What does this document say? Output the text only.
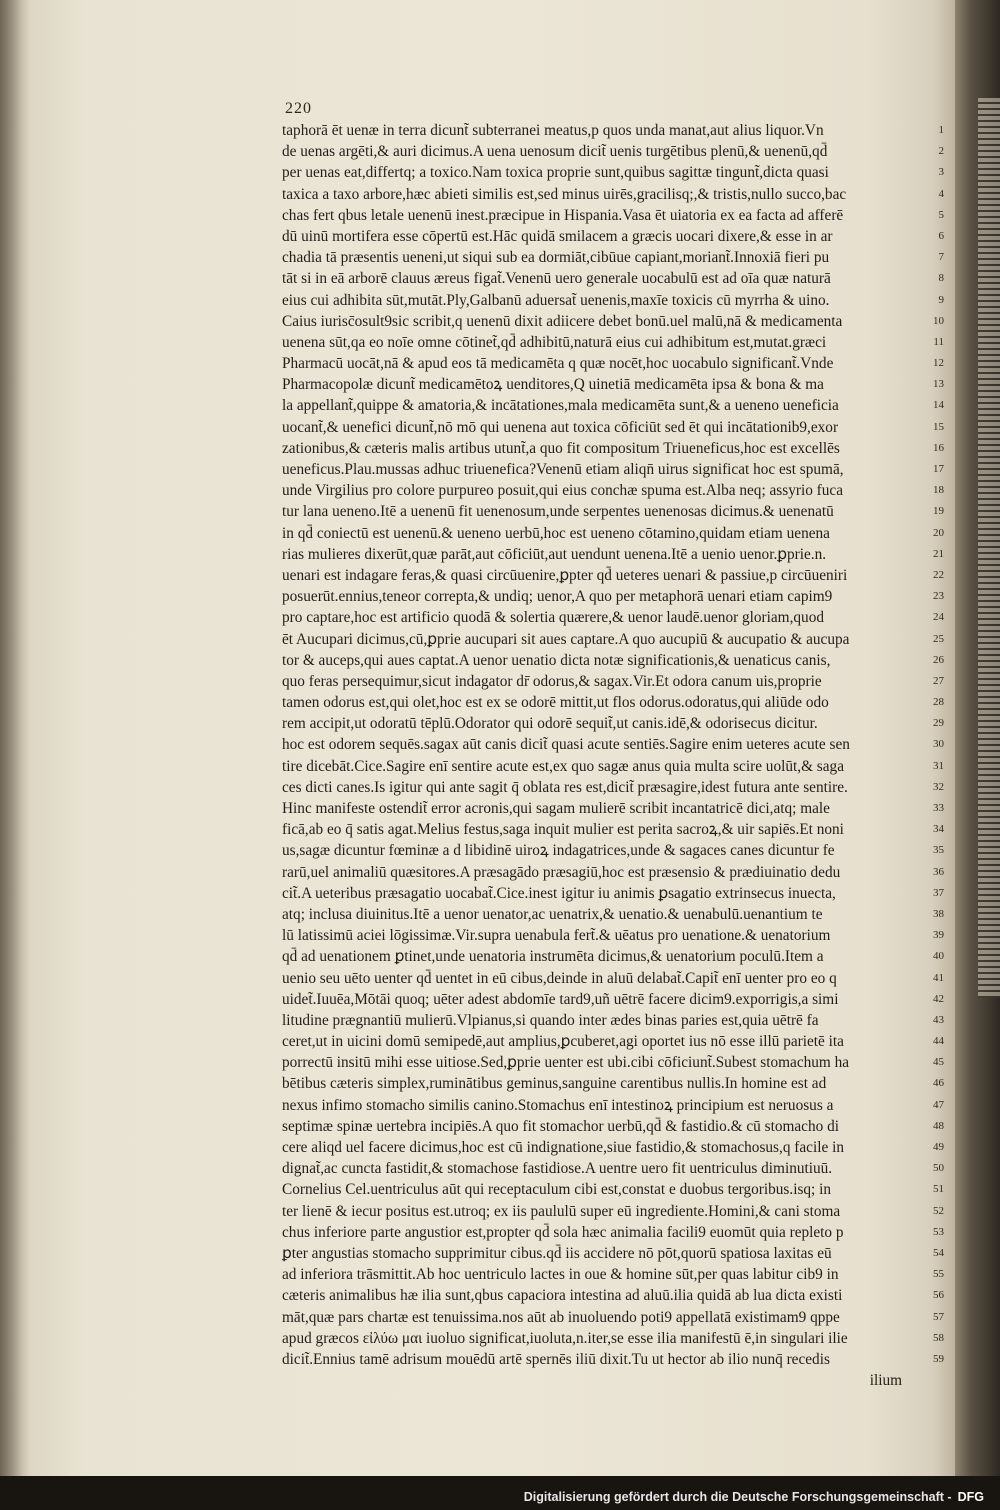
220
taphorā ēt uenæ in terra dicunt̃ subterranei meatus,p quos unda manat,aut alius liquor.Vn	1
de uenas argēti,& auri dicimus.A uena uenosum dicit̃ uenis turgētibus plenū,& uenenū,qd̄	2
per uenas eat,differtq; a toxico.Nam toxica proprie sunt,quibus sagittæ tingunt̃,dicta quasi	3
taxica a taxo arbore,hæc abieti similis est,sed minus uirēs,gracilisq;,& tristis,nullo succo,bac	4
chas fert qbus letale uenenū inest.præcipue in Hispania.Vasa ēt uiatoria ex ea facta ad afferē	5
dū uinū mortifera esse cōpertū est.Hāc quidā smilacem a græcis uocari dixere,& esse in ar	6
chadia tā præsentis ueneni,ut siqui sub ea dormiāt,cibūue capiant,moriant̃.Innoxiā fieri pu	7
tāt si in eā arborē clauus æreus figat̃.Venenū uero generale uocabulū est ad oīa quæ naturā	8
eius cui adhibita sūt,mutāt.Ply,Galbanū aduersat̃ uenenis,maxīe toxicis cū myrrha & uino.	9
Caius iurisc̄osult9sic scribit,q uenenū dixit adiicere debet bonū.uel malū,nā & medicamenta	10
uenena sūt,qa eo noīe omne cōtinet̃,qd̄ adhibitū,naturā eius cui adhibitum est,mutat.græci	11
Pharmacū uocāt,nā & apud eos tā medicamēta q quæ nocēt,hoc uocabulo significant̃.Vnde	12
Pharmacopolæ dicunt̃ medicamētoꝝ uenditores,Q uinetiā medicamēta ipsa & bona & ma	13
la appellant̃,quippe & amatoria,& incātationes,mala medicamēta sunt,& a ueneno ueneficia	14
uocant̃,& uenefici dicunt̃,nō mō qui uenena aut toxica cōficiūt sed ēt qui incātationib9,exor	15
zationibus,& cæteris malis artibus utunt̃,a quo fit compositum Triueneficus,hoc est excellēs	16
ueneficus.Plau.mussas adhuc triuenefica?Venenū etiam aliqn̄ uirus significat hoc est spumā,	17
unde Virgilius pro colore purpureo posuit,qui eius conchæ spuma est.Alba neq; assyrio fuca	18
tur lana ueneno.Itē a uenenū fit uenenosum,unde serpentes uenenosas dicimus.& uenenatū	19
in qd̄ coniectū est uenenū.& ueneno uerbū,hoc est ueneno cōtamino,quidam etiam uenena	20
rias mulieres dixerūt,quæ parāt,aut cōficiūt,aut uendunt uenena.Itē a uenio uenor.ꝑprie.n.	21
uenari est indagare feras,& quasi circūuenire,ꝑpter qd̄ ueteres uenari & passiue,p circūueniri	22
posuerūt.ennius,teneor correpta,& undiq; uenor,A quo per metaphorā uenari etiam capim9	23
pro captare,hoc est artificio quodā & solertia quærere,& uenor laudē.uenor gloriam,quod	24
ēt Aucupari dicimus,cū,ꝑprie aucupari sit aues captare.A quo aucupiū & aucupatio & aucupa	25
tor & auceps,qui aues captat.A uenor uenatio dicta notæ significationis,& uenaticus canis,	26
quo feras persequimur,sicut indagator dr̄ odorus,& sagax.Vir.Et odora canum uis,proprie	27
tamen odorus est,qui olet,hoc est ex se odorē mittit,ut flos odorus.odoratus,qui aliūde odo	28
rem accipit,ut odoratū tēplū.Odorator qui odorē sequit̃,ut canis.idē,& odorisecus dicitur.	29
hoc est odorem sequēs.sagax aūt canis dicit̃ quasi acute sentiēs.Sagire enim ueteres acute sen	30
tire dicebāt.Cice.Sagire enī sentire acute est,ex quo sagæ anus quia multa scire uolūt,& saga	31
ces dicti canes.Is igitur qui ante sagit q̄ oblata res est,dicit̃ præsagire,idest futura ante sentire.	32
Hinc manifeste ostendit̃ error acronis,qui sagam mulierē scribit incantatricē dici,atq; male	33
ficā,ab eo q̄ satis agat.Melius festus,saga inquit mulier est perita sacroꝝ,& uir sapiēs.Et noni	34
us,sagæ dicuntur fœminæ a d libidinē uiroꝝ indagatrices,unde & sagaces canes dicuntur fe	35
rarū,uel animaliū quæsitores.A præsagādo præsagiū,hoc est præsensio & prædiuinatio dedu	36
cit̃.A ueteribus præsagatio uocabat̃.Cice.inest igitur iu animis ꝑsagatio extrinsecus inuecta,	37
atq; inclusa diuinitus.Itē a uenor uenator,ac uenatrix,& uenatio.& uenabulū.uenantium te	38
lū latissimū aciei lōgissimæ.Vir.supra uenabula fert̃.& uēatus pro uenatione.& uenatorium	39
qd̄ ad uenationem ꝑtinet,unde uenatoria instrumēta dicimus,& uenatorium poculū.Item a	40
uenio seu uēto uenter qd̄ uentet in eū cibus,deinde in aluū delabat̃.Capit̃ enī uenter pro eo q	41
uidet̃.Iuuēa,Mōtāi quoq; uēter adest abdomīe tard9,uñ uētrē facere dicim9.exporrigis,a simi	42
litudine prægnantiū mulierū.Vlpianus,si quando inter ædes binas paries est,quia uētrē fa	43
ceret,ut in uicini domū semipedē,aut amplius,ꝑcuberet,agi oportet ius nō esse illū parietē ita	44
porrectū insitū mihi esse uitiose.Sed,ꝑprie uenter est ubi.cibi cōficiunt̃.Subest stomachum ha	45
bētibus cæteris simplex,ruminātibus geminus,sanguine carentibus nullis.In homine est ad	46
nexus infimo stomacho similis canino.Stomachus enī intestinoꝝ principium est neruosus a	47
septimæ spinæ uertebra incipiēs.A quo fit stomachor uerbū,qd̄ & fastidio.& cū stomacho di	48
cere aliqd uel facere dicimus,hoc est cū indignatione,siue fastidio,& stomachosus,q facile in	49
dignat̃,ac cuncta fastidit,& stomachose fastidiose.A uentre uero fit uentriculus diminutiuū.	50
Cornelius Cel.uentriculus aūt qui receptaculum cibi est,constat e duobus tergoribus.isq; in	51
ter lienē & iecur positus est.utroq; ex iis paululū super eū ingrediente.Homini,& cani stoma	52
chus inferiore parte angustior est,propter qd̄ sola hæc animalia facili9 euomūt quia repleto p	53
ꝑter angustias stomacho supprimitur cibus.qd̄ iis accidere nō pōt,quorū spatiosa laxitas eū	54
ad inferiora trāsmittit.Ab hoc uentriculo lactes in oue & homine sūt,per quas labitur cib9 in	55
cæteris animalibus hæ ilia sunt,qbus capaciora intestina ad aluū.ilia quidā ab lua dicta existi	56
māt,quæ pars chartæ est tenuissima.nos aūt ab inuoluendo poti9 appellatā existimam9 qppe	57
apud græcos εἰλύω μαι iuoluo significat,iuoluta,n.iter,se esse ilia manifestū ē,in singulari ilie	58
dicit̃.Ennius tamē adrisum mouēdū artē spernēs iliū dixit.Tu ut hector ab ilio nunq̄ recedis	59
ilium
Digitalisierung gefördert durch die Deutsche Forschungsgemeinschaft - DFG
